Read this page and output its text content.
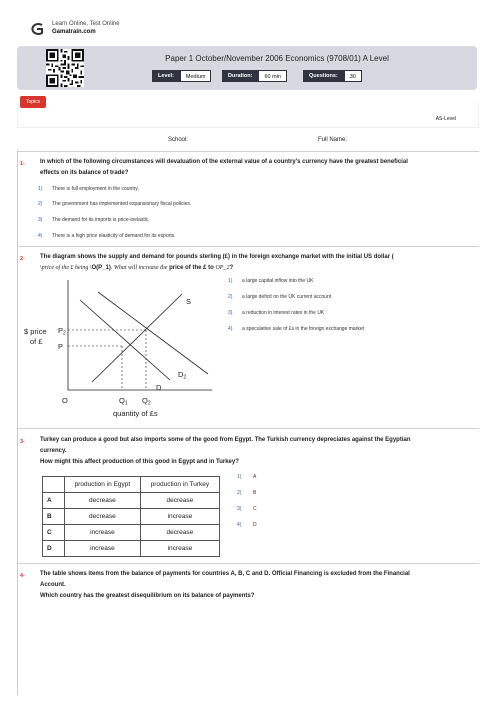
Learn Online, Test Online
Gamatrain.com
Paper 1 October/November 2006 Economics (9708/01) A Level
Level:	Medium	Duration:	60 min	Questions:	30
Topics
AS-Level
School:	Full Name:
1-	In which of the following circumstances will devaluation of the external value of a country's currency have the greatest beneficial
effects on its balance of trade?
1) There is full employment in the country.
2) The government has implemented expansionary fiscal policies.
3) The demand for its imports is price-inelastic.
4) There is a high price elasticity of demand for its exports.
2-	The diagram shows the supply and demand for pounds sterling (£) in the foreign exchange market with the initial US dollar (
\price of the £ being \O(P_1). What will increase the price of the £ to OP_2?
$ price
of £
$P_2$
P
S
$D_2$
D
O	$Q_1$ $Q_2$
quantity of £s
1) a large capital inflow into the UK
2) a large deficit on the UK current account
3) a reduction in interest rates in the UK
4) a speculative sale of £s in the foreign exchange market
3-	Turkey can produce a good but also imports some of the good from Egypt. The Turkish currency depreciates against the Egyptian
currency.
How might this affect production of this good in Egypt and in Turkey?
	production in Egypt	production in Turkey
A	decrease	decrease
B	decrease	increase
C	increase	decrease
D	increase	increase
1) A
2) B
3) C
4) D
4-	The table shows items from the balance of payments for countries A, B, C and D. Official Financing is excluded from the Financial
Account.
Which country has the greatest disequilibrium on its balance of payments?
